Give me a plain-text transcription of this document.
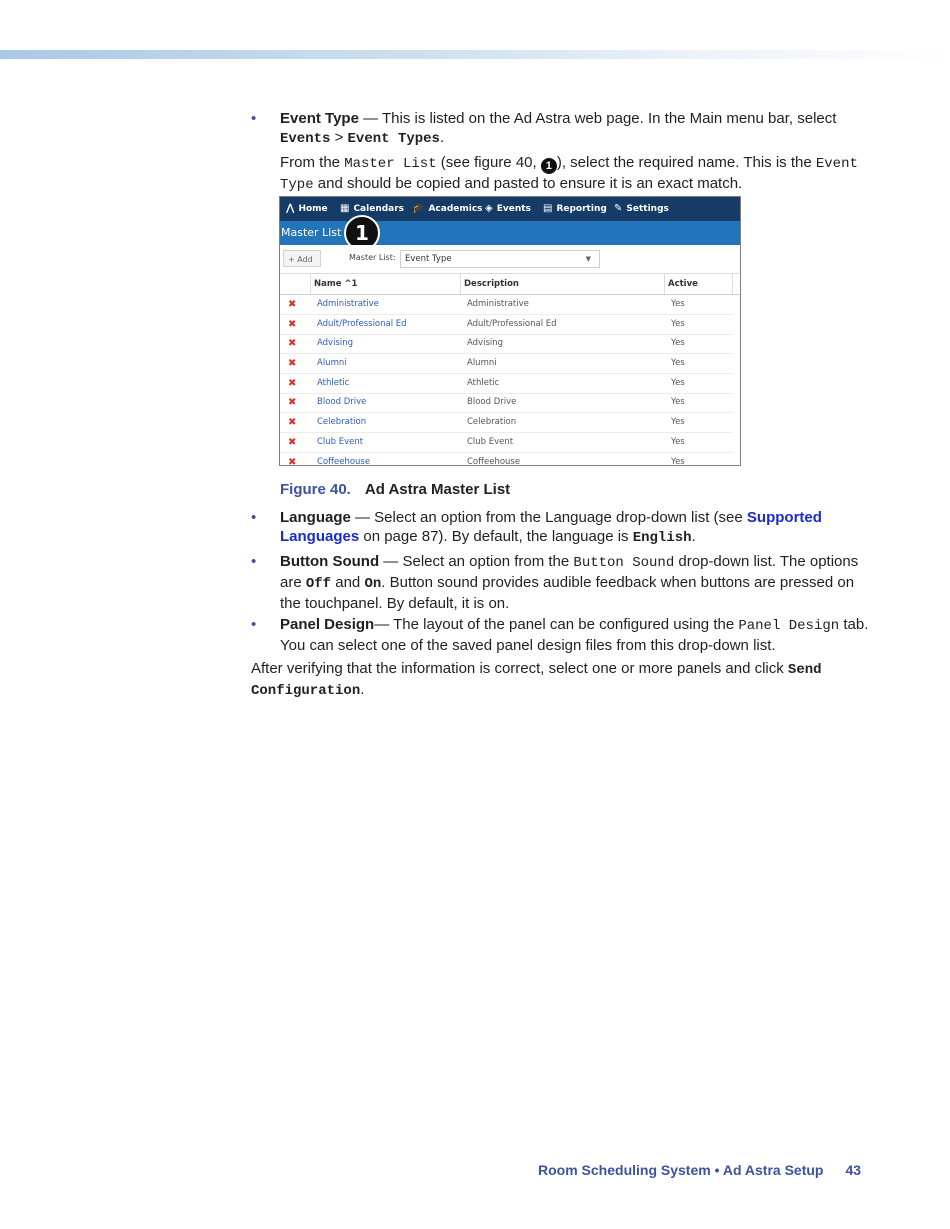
• Event Type — This is listed on the Ad Astra web page. In the Main menu bar, select Events > Event Types.

From the Master List (see figure 40, 1 ), select the required name. This is the Event Type and should be copied and pasted to ensure it is an exact match.

⋀ Home ▦ Calendars 🎓 Academics ◈ Events ▤ Reporting ✎ Settings
Master List 1
+ Add	Master List:	Event Type	▼
Name ^1	Description	Active
✖ Administrative	Administrative	Yes
✖ Adult/Professional Ed	Adult/Professional Ed	Yes
✖ Advising	Advising	Yes
✖ Alumni	Alumni	Yes
✖ Athletic	Athletic	Yes
✖ Blood Drive	Blood Drive	Yes
✖ Celebration	Celebration	Yes
✖ Club Event	Club Event	Yes
✖ Coffeehouse	Coffeehouse	Yes
Figure 40. Ad Astra Master List
• Language — Select an option from the Language drop-down list (see Supported Languages on page 87). By default, the language is English.

• Button Sound — Select an option from the Button Sound drop-down list. The options are Off and On. Button sound provides audible feedback when buttons are pressed on the touchpanel. By default, it is on.

• Panel Design— The layout of the panel can be configured using the Panel Design tab. You can select one of the saved panel design files from this drop-down list.

After verifying that the information is correct, select one or more panels and click Send Configuration.

Room Scheduling System • Ad Astra Setup 43
